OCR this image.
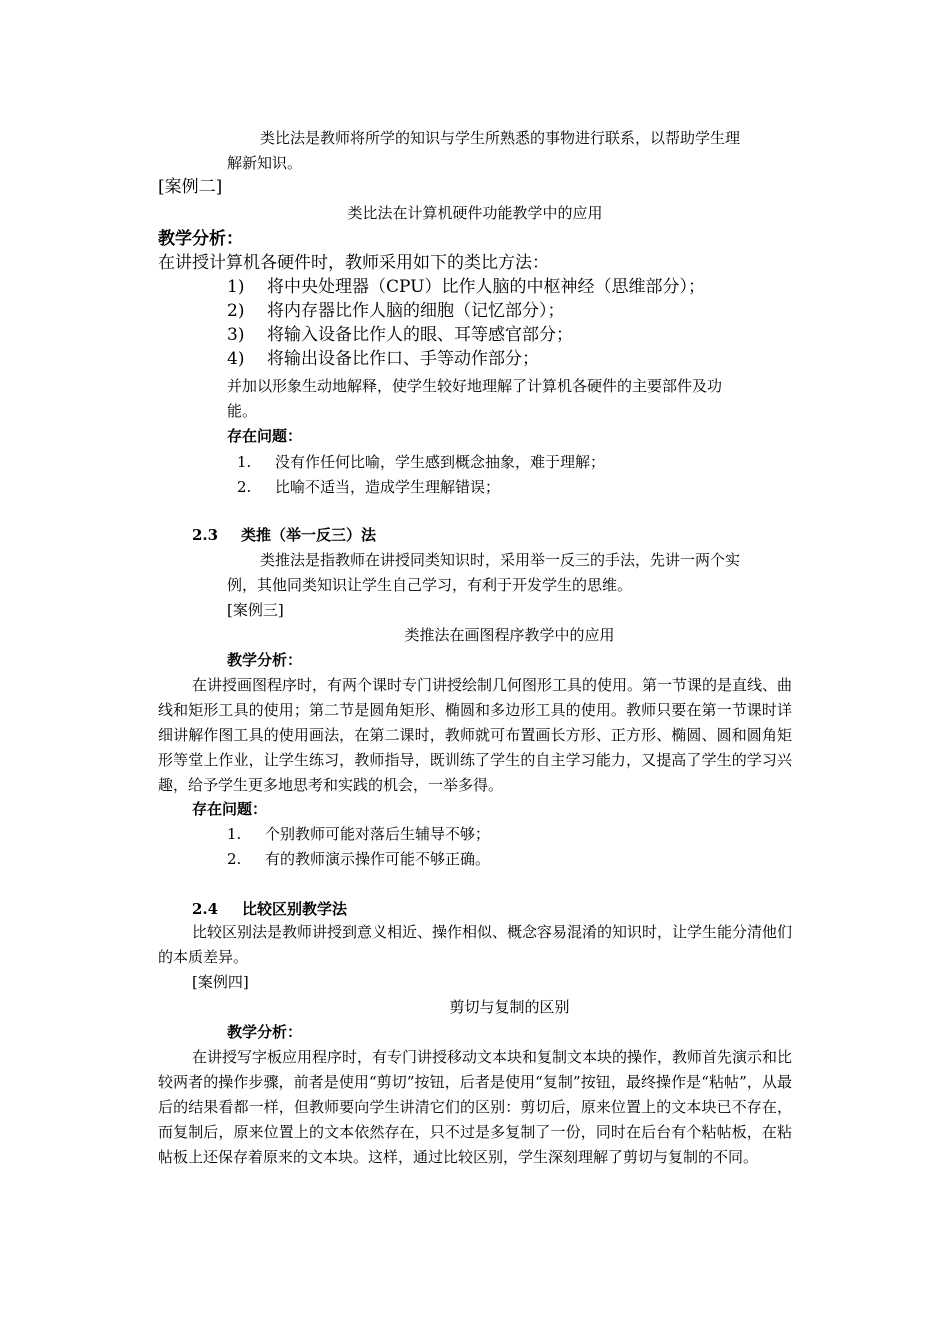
类比法是教师将所学的知识与学生所熟悉的事物进行联系，以帮助学生理
解新知识。
[案例二]
类比法在计算机硬件功能教学中的应用
教学分析：
在讲授计算机各硬件时，教师采用如下的类比方法：
1) 将中央处理器（CPU）比作人脑的中枢神经（思维部分）；
2) 将内存器比作人脑的细胞（记忆部分）；
3) 将输入设备比作人的眼、耳等感官部分；
4) 将输出设备比作口、手等动作部分；
并加以形象生动地解释，使学生较好地理解了计算机各硬件的主要部件及功
能。
存在问题：
1. 没有作任何比喻，学生感到概念抽象，难于理解；
2. 比喻不适当，造成学生理解错误；
2.3 类推（举一反三）法
类推法是指教师在讲授同类知识时，采用举一反三的手法，先讲一两个实
例，其他同类知识让学生自己学习，有利于开发学生的思维。
[案例三]
类推法在画图程序教学中的应用
教学分析：
在讲授画图程序时，有两个课时专门讲授绘制几何图形工具的使用。第一节课的是直线、曲线和矩形工具的使用；第二节是圆角矩形、椭圆和多边形工具的使用。教师只要在第一节课时详细讲解作图工具的使用画法，在第二课时，教师就可布置画长方形、正方形、椭圆、圆和圆角矩形等堂上作业，让学生练习，教师指导，既训练了学生的自主学习能力，又提高了学生的学习兴趣，给予学生更多地思考和实践的机会，一举多得。
存在问题：
1. 个别教师可能对落后生辅导不够；
2. 有的教师演示操作可能不够正确。
2.4 比较区别教学法
比较区别法是教师讲授到意义相近、操作相似、概念容易混淆的知识时，让学生能分清他们的本质差异。
[案例四]
剪切与复制的区别
教学分析：
在讲授写字板应用程序时，有专门讲授移动文本块和复制文本块的操作，教师首先演示和比较两者的操作步骤，前者是使用“剪切”按钮，后者是使用“复制”按钮，最终操作是“粘帖”，从最后的结果看都一样，但教师要向学生讲清它们的区别：剪切后，原来位置上的文本块已不存在，而复制后，原来位置上的文本依然存在，只不过是多复制了一份，同时在后台有个粘帖板，在粘帖板上还保存着原来的文本块。这样，通过比较区别，学生深刻理解了剪切与复制的不同。
